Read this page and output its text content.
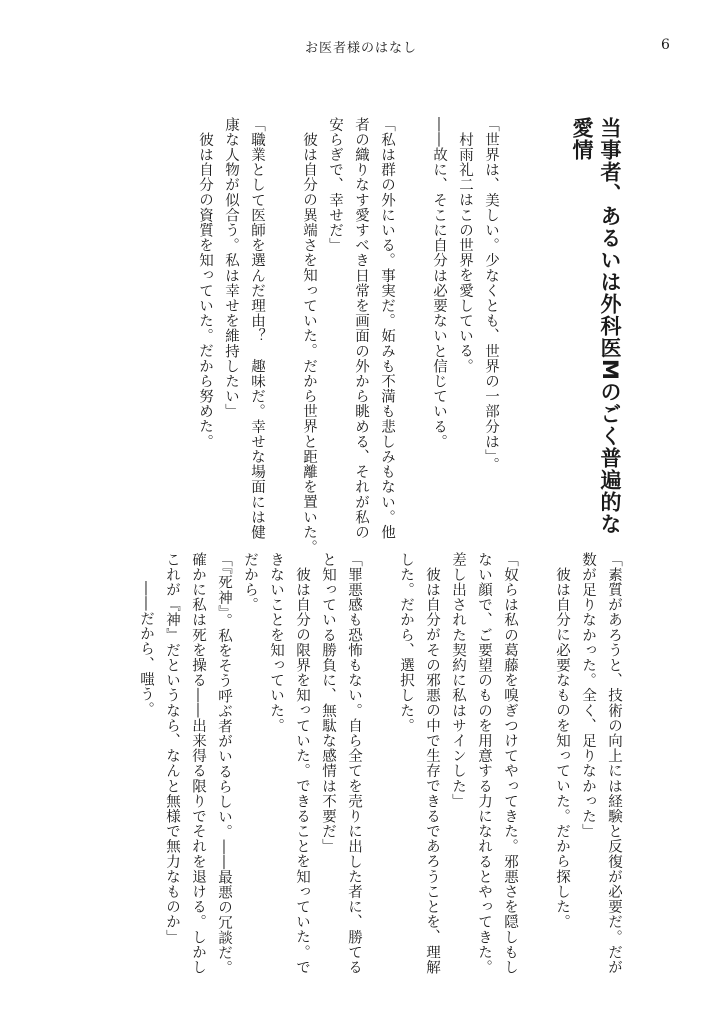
お医者様のはなし	6
当事者、あるいは外科医Mのごく普遍的な
愛情

「世界は、美しい。少なくとも、世界の一部分は」。

村雨礼二はこの世界を愛している。

――故に、そこに自分は必要ないと信じている。

「私は群の外にいる。事実だ。妬みも不満も悲しみもない。他

者の織りなす愛すべき日常を画面の外から眺める、それが私の

安らぎで、幸せだ」

彼は自分の異端さを知っていた。だから世界と距離を置いた。

「職業として医師を選んだ理由？　趣味だ。幸せな場面には健

康な人物が似合う。私は幸せを維持したい」

彼は自分の資質を知っていた。だから努めた。

「素質があろうと、技術の向上には経験と反復が必要だ。だが

数が足りなかった。全く、足りなかった」

彼は自分に必要なものを知っていた。だから探した。

「奴らは私の葛藤を嗅ぎつけてやってきた。邪悪さを隠しもし

ない顔で、ご要望のものを用意する力になれるとやってきた。

差し出された契約に私はサインした」

彼は自分がその邪悪の中で生存できるであろうことを、理解

した。だから、選択した。

「罪悪感も恐怖もない。自ら全てを売りに出した者に、勝てる

と知っている勝負に、無駄な感情は不要だ」

彼は自分の限界を知っていた。できることを知っていた。で

きないことを知っていた。

だから。

「『死神』。私をそう呼ぶ者がいるらしい。――最悪の冗談だ。

確かに私は死を操る――出来得る限りでそれを退ける。しかし

これが『神』だというなら、なんと無様で無力なものか」

――だから、嗤う。
